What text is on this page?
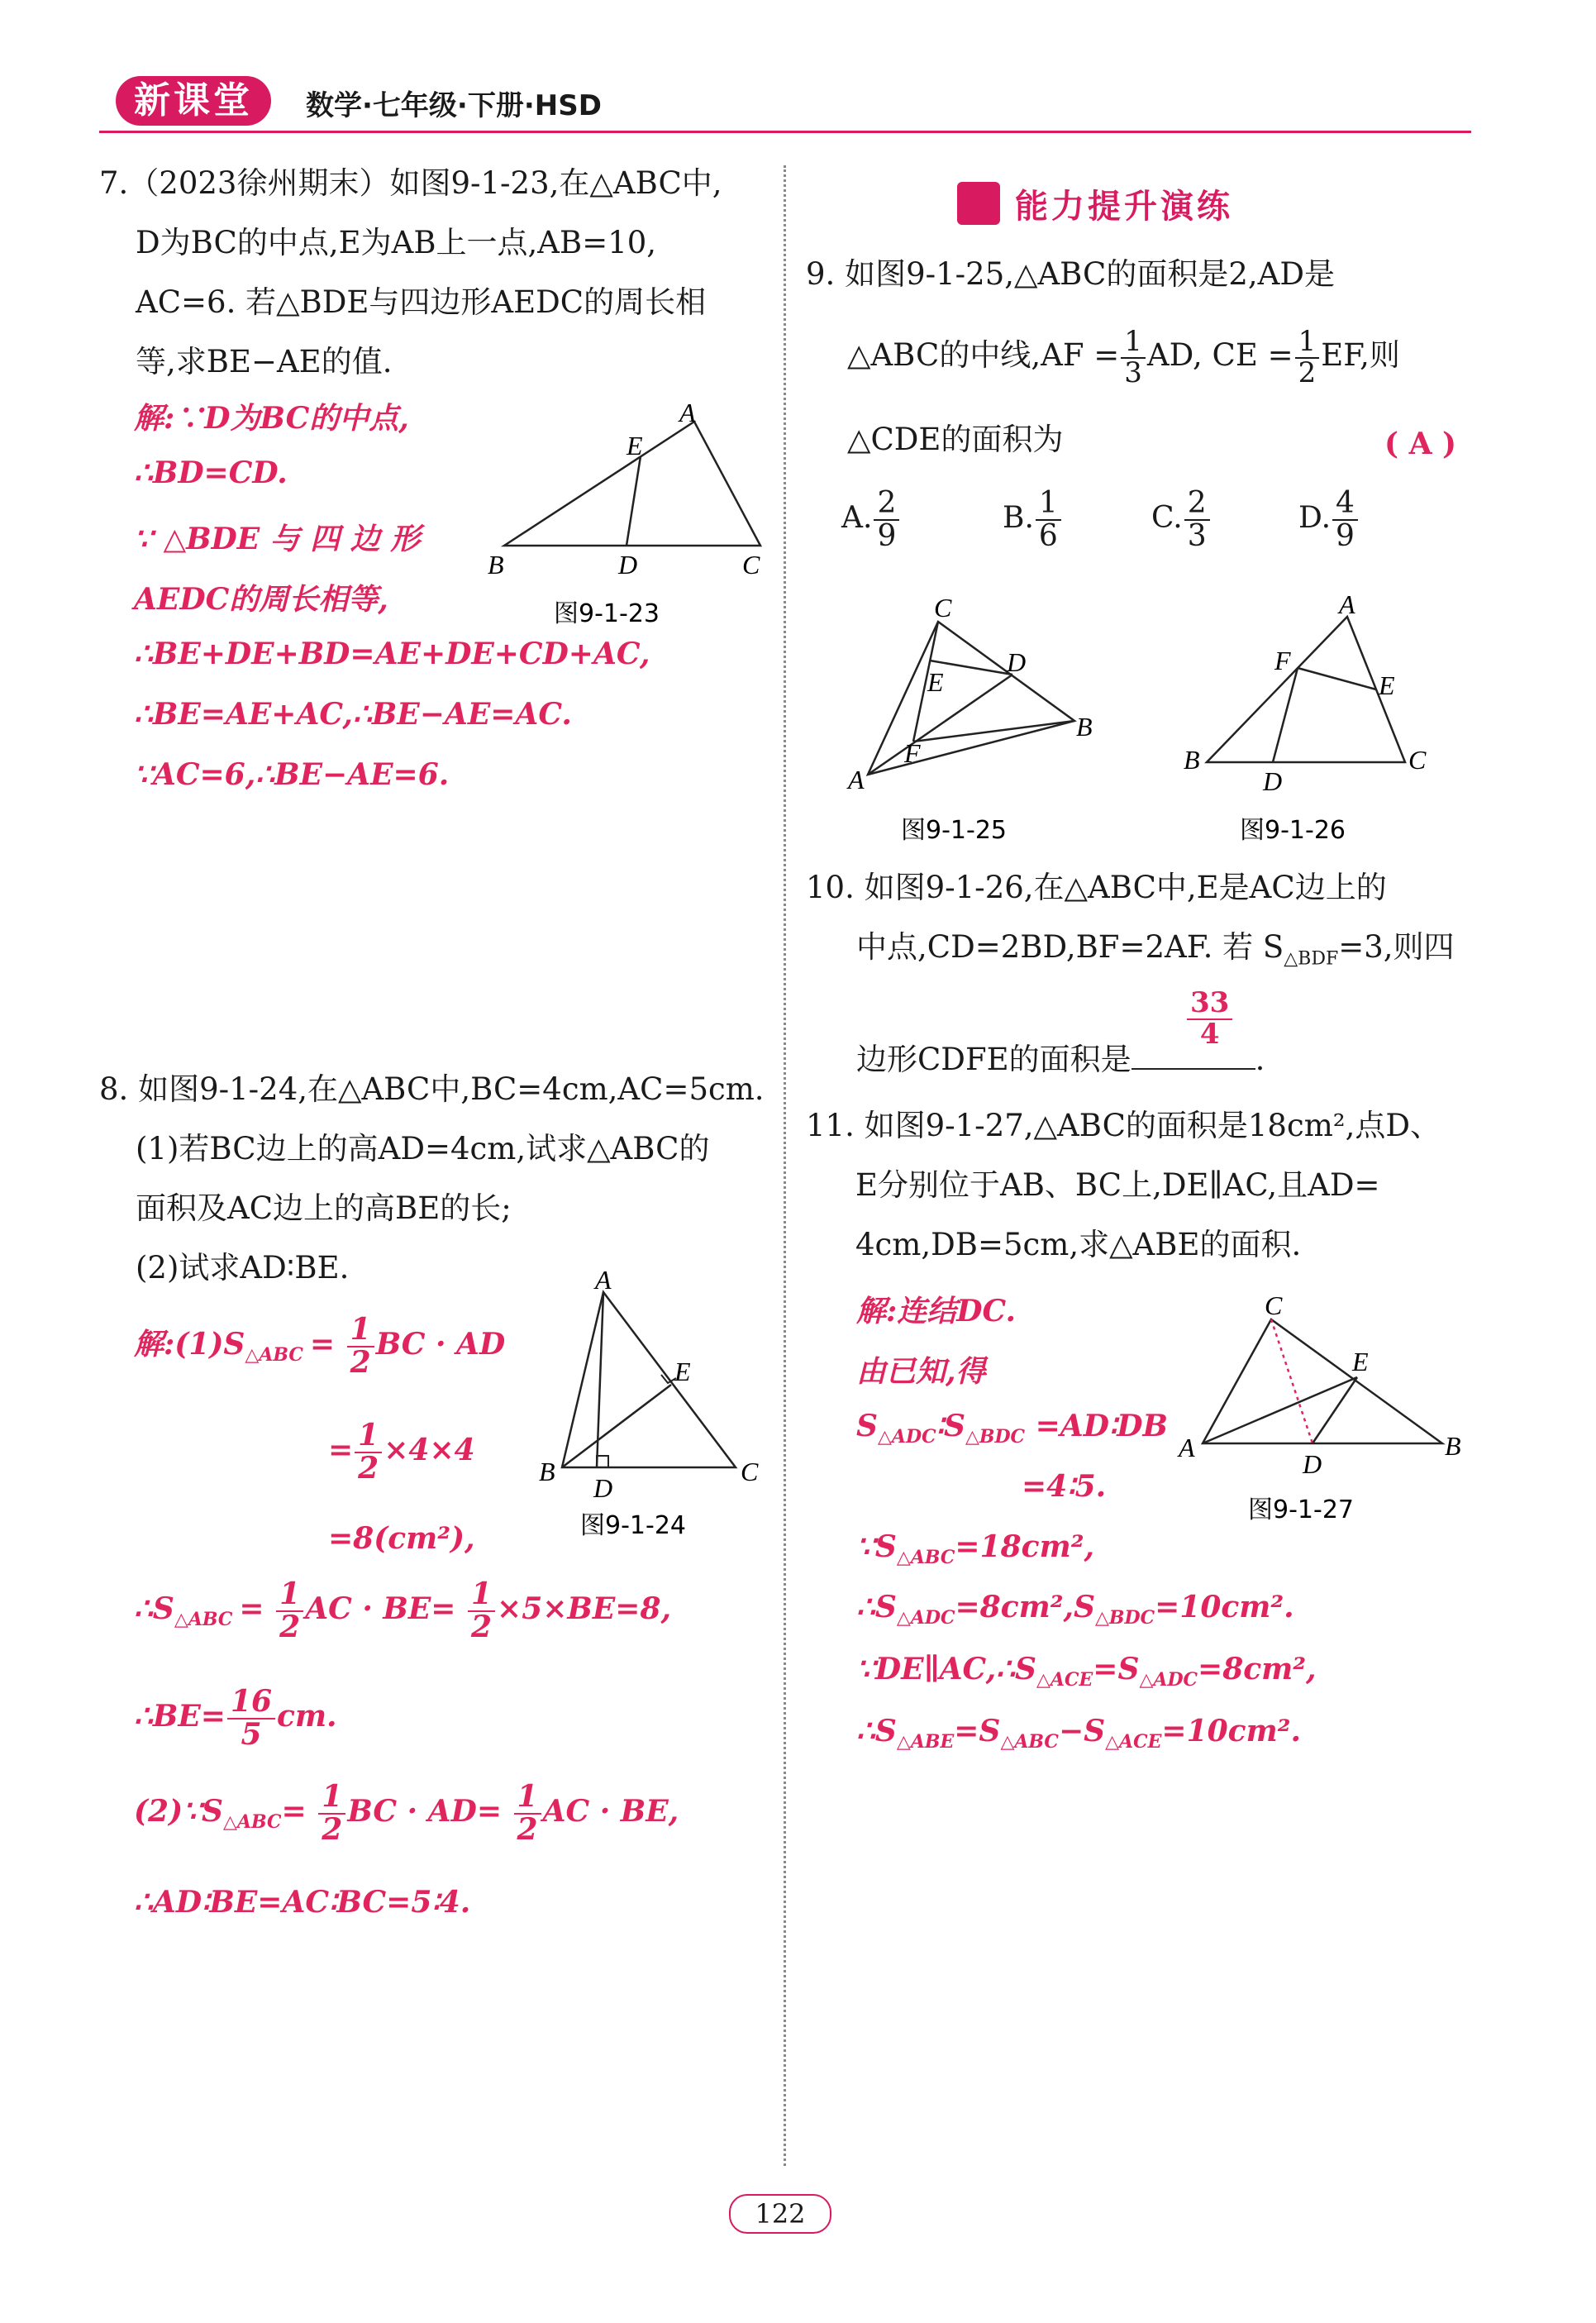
新课堂	数学·七年级·下册·HSD
7.（2023徐州期末）如图9-1-23,在△ABC中,
D为BC的中点,E为AB上一点,AB=10,
AC=6. 若△BDE与四边形AEDC的周长相
等,求BE−AE的值.
解:∵D为BC的中点,
∴BD=CD.
∵ △BDE 与 四 边 形
AEDC的周长相等,
∴BE+DE+BD=AE+DE+CD+AC,
∴BE=AE+AC,∴BE−AE=AC.
∵AC=6,∴BE−AE=6.
A
E
B	D	C
图9-1-23
8. 如图9-1-24,在△ABC中,BC=4cm,AC=5cm.
(1)若BC边上的高AD=4cm,试求△ABC的
面积及AC边上的高BE的长;
(2)试求AD∶BE.
解$:(1)S_{\triangle ABC} = \frac{1}{2}$ BC · AD
= $\frac{1}{2} \times 4\times 4$
=8(cm²),
$\therefore S_{\triangle ABC} = \frac{1}{2}$ AC · $BE= \frac{1}{2} \times 5\times BE=8$,
∴BE= $\frac{16}{5}$ cm.
$(2)\because S_{\triangle ABC}= \frac{1}{2}$ BC · $AD= \frac{1}{2}$ AC · BE,
∴AD∶BE=AC∶BC=5∶4.
A
E
B
D
C
图9-1-24
能力提升演练
9. 如图9-1-25,△ABC的面积是2,AD是
△ABC的中线$,AF = \frac{1}{3}$ AD, CE = $\frac{1}{2}$ EF,则
△CDE的面积为	( A )
A. $\frac{2}{9}$	B. $\frac{1}{6}$	C. $\frac{2}{3}$	D. $\frac{4}{9}$
C
D
E
B
F
A
图9-1-25
A
F
E
B
D
C
图9-1-26
10. 如图9-1-26,在△ABC中,E是AC边上的
中点,CD=2BD,BF=2AF. 若 $S_{\triangle BDF}=3$,则四
边形CDFE的面积是	.
33
4
11. 如图9-1-27,△ABC的面积是18cm²,点D、
E分别位于AB、BC上,DE∥AC,且AD=
4cm,DB=5cm,求△ABE的面积.
解:连结DC.
由已知,得
$S_{\triangle ADC}∶S_{\triangle BDC}$ =AD∶DB
=4∶5.
$\because S_{\triangle ABC}=18cm^2$,
$\therefore S_{\triangle ADC}=8cm^2,S_{\triangle BDC}=10cm^2$.
$\because DE\parallel AC,\therefore S_{\triangle ACE}=S_{\triangle ADC}=8cm^2$,
$\therefore S_{\triangle ABE}=S_{\triangle ABC}-S_{\triangle ACE}=10cm^2$.
C
E
A
D
B
图9-1-27
122
